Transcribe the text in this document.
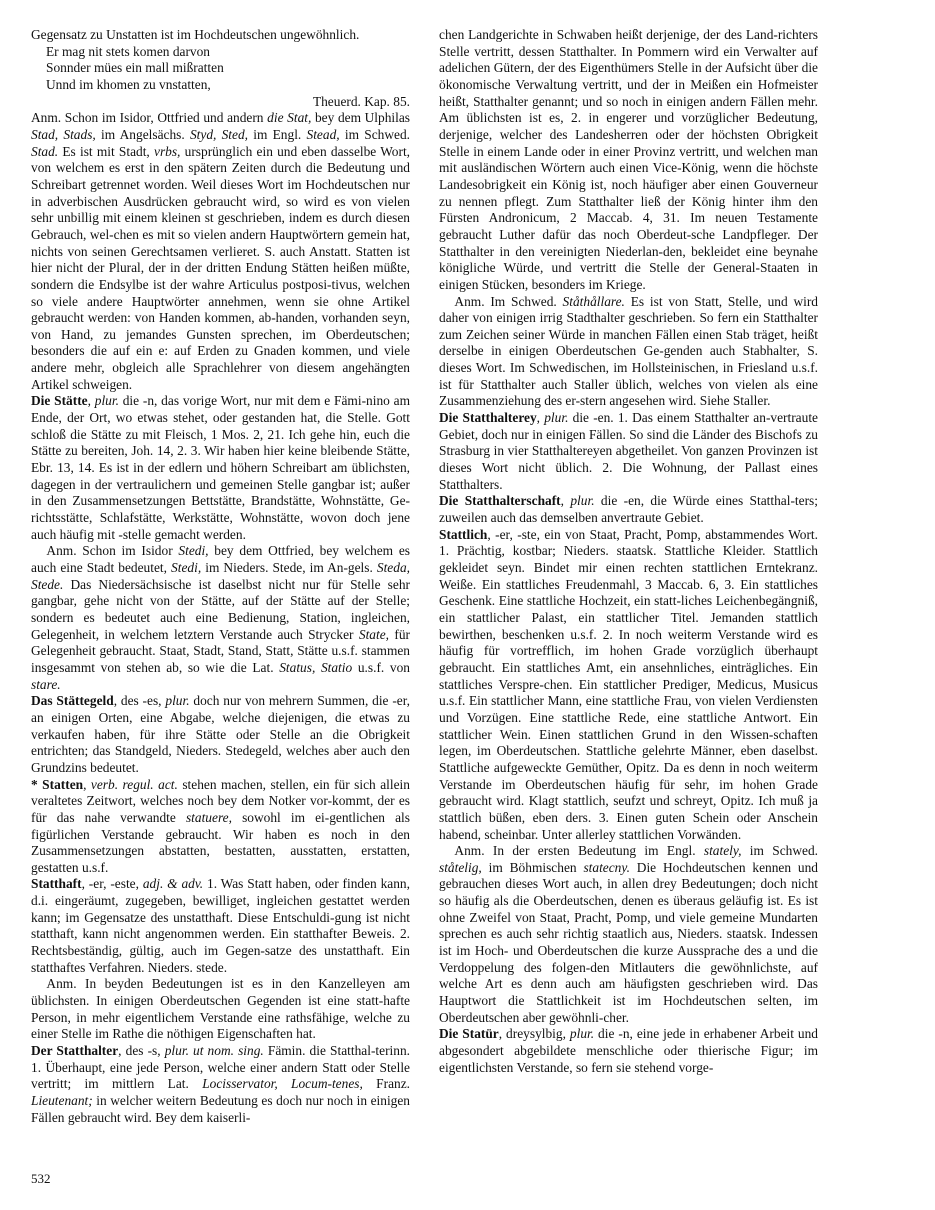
Gegensatz zu Unstatten ist im Hochdeutschen ungewöhnlich.

Er mag nit stets komen darvon

Sonnder mües ein mall mißratten

Unnd im khomen zu vnstatten,

Theuerd. Kap. 85.

Anm. Schon im Isidor, Ottfried und andern die Stat, bey dem Ulphilas Stad, Stads, im Angelsächs. Styd, Sted, im Engl. Stead, im Schwed. Stad. Es ist mit Stadt, vrbs, ursprünglich ein und eben dasselbe Wort, von welchem es erst in den spätern Zeiten durch die Bedeutung und Schreibart getrennet worden. Weil dieses Wort im Hochdeutschen nur in adverbischen Ausdrücken gebraucht wird, so wird es von vielen sehr unbillig mit einem kleinen st geschrieben, indem es durch diesen Gebrauch, wel-chen es mit so vielen andern Hauptwörtern gemein hat, nichts von seinen Gerechtsamen verlieret. S. auch Anstatt. Statten ist hier nicht der Plural, der in der dritten Endung Stätten heißen müßte, sondern die Endsylbe ist der wahre Articulus postposi-tivus, welchen so viele andere Hauptwörter annehmen, wenn sie ohne Artikel gebraucht werden: von Handen kommen, ab-handen, vorhanden seyn, von Hand, zu jemandes Gunsten sprechen, im Oberdeutschen; besonders die auf ein e: auf Erden zu Gnaden kommen, und viele andere mehr, obgleich alle Sprachlehrer von diesem angehängten Artikel schweigen.

Die Stätte, plur. die -n, das vorige Wort, nur mit dem e Fämi-nino am Ende, der Ort, wo etwas stehet, oder gestanden hat, die Stelle. Gott schloß die Stätte zu mit Fleisch, 1 Mos. 2, 21. Ich gehe hin, euch die Stätte zu bereiten, Joh. 14, 2. 3. Wir haben hier keine bleibende Stätte, Ebr. 13, 14. Es ist in der edlern und höhern Schreibart am üblichsten, dagegen in der vertraulichern und gemeinen Stelle gangbar ist; außer in den Zusammensetzungen Bettstätte, Brandstätte, Wohnstätte, Ge-richtsstätte, Schlafstätte, Werkstätte, Wohnstätte, wovon doch jene auch häufig mit -stelle gemacht werden.

Anm. Schon im Isidor Stedi, bey dem Ottfried, bey welchem es auch eine Stadt bedeutet, Stedi, im Nieders. Stede, im An-gels. Steda, Stede. Das Niedersächsische ist daselbst nicht nur für Stelle sehr gangbar, gehe nicht von der Stätte, auf der Stätte auf der Stelle; sondern es bedeutet auch eine Bedienung, Station, ingleichen, Gelegenheit, in welchem letztern Verstande auch Strycker State, für Gelegenheit gebraucht. Staat, Stadt, Stand, Statt, Stätte u.s.f. stammen insgesammt von stehen ab, so wie die Lat. Status, Statio u.s.f. von stare.

Das Stättegeld, des -es, plur. doch nur von mehrern Summen, die -er, an einigen Orten, eine Abgabe, welche diejenigen, die etwas zu verkaufen haben, für ihre Stätte oder Stelle an die Obrigkeit entrichten; das Standgeld, Nieders. Stedegeld, welches aber auch den Grundzins bedeutet.

* Statten, verb. regul. act. stehen machen, stellen, ein für sich allein veraltetes Zeitwort, welches noch bey dem Notker vor-kommt, der es für das nahe verwandte statuere, sowohl im ei-gentlichen als figürlichen Verstande gebraucht. Wir haben es noch in den Zusammensetzungen abstatten, bestatten, ausstatten, erstatten, gestatten u.s.f.

Statthaft, -er, -este, adj. & adv. 1. Was Statt haben, oder finden kann, d.i. eingeräumt, zugegeben, bewilliget, ingleichen gestattet werden kann; im Gegensatze des unstatthaft. Diese Entschuldi-gung ist nicht statthaft, kann nicht angenommen werden. Ein statthafter Beweis. 2. Rechtsbeständig, gültig, auch im Gegen-satze des unstatthaft. Ein statthaftes Verfahren. Nieders. stede.

Anm. In beyden Bedeutungen ist es in den Kanzelleyen am üblichsten. In einigen Oberdeutschen Gegenden ist eine statt-hafte Person, in mehr eigentlichem Verstande eine rathsfähige, welche zu einer Stelle im Rathe die nöthigen Eigenschaften hat.

Der Statthalter, des -s, plur. ut nom. sing. Fämin. die Statthal-terinn. 1. Überhaupt, eine jede Person, welche einer andern Statt oder Stelle vertritt; im mittlern Lat. Locisservator, Locum-tenes, Franz. Lieutenant; in welcher weitern Bedeutung es doch nur noch in einigen Fällen gebraucht wird. Bey dem kaiserli-

chen Landgerichte in Schwaben heißt derjenige, der des Land-richters Stelle vertritt, dessen Statthalter. In Pommern wird ein Verwalter auf adelichen Gütern, der des Eigenthümers Stelle in der Aufsicht über die ökonomische Verwaltung vertritt, und der in Meißen ein Hofmeister heißt, Statthalter genannt; und so noch in einigen andern Fällen mehr. Am üblichsten ist es, 2. in engerer und vorzüglicher Bedeutung, derjenige, welcher des Landesherren oder der höchsten Obrigkeit Stelle in einem Lande oder in einer Provinz vertritt, und welchen man mit ausländischen Wörtern auch einen Vice-König, wenn die höchste Landesobrigkeit ein König ist, noch häufiger aber einen Gouverneur zu nennen pflegt. Zum Statthalter ließ der König hinter ihm den Fürsten Andronicum, 2 Maccab. 4, 31. Im neuen Testamente gebraucht Luther dafür das noch Oberdeut-sche Landpfleger. Der Statthalter in den vereinigten Niederlan-den, bekleidet eine beynahe königliche Würde, und vertritt die Stelle der General-Staaten in einigen Stücken, besonders im Kriege.

Anm. Im Schwed. Ståthållare. Es ist von Statt, Stelle, und wird daher von einigen irrig Stadthalter geschrieben. So fern ein Statthalter zum Zeichen seiner Würde in manchen Fällen einen Stab träget, heißt derselbe in einigen Oberdeutschen Ge-genden auch Stabhalter, S. dieses Wort. Im Schwedischen, im Hollsteinischen, in Friesland u.s.f. ist für Statthalter auch Staller üblich, welches von vielen als eine Zusammenziehung des er-stern angesehen wird. Siehe Staller.

Die Statthalterey, plur. die -en. 1. Das einem Statthalter an-vertraute Gebiet, doch nur in einigen Fällen. So sind die Länder des Bischofs zu Strasburg in vier Statthaltereyen abgetheilet. Von ganzen Provinzen ist dieses Wort nicht üblich. 2. Die Wohnung, der Pallast eines Statthalters.

Die Statthalterschaft, plur. die -en, die Würde eines Statthal-ters; zuweilen auch das demselben anvertraute Gebiet.

Stattlich, -er, -ste, ein von Staat, Pracht, Pomp, abstammendes Wort. 1. Prächtig, kostbar; Nieders. staatsk. Stattliche Kleider. Stattlich gekleidet seyn. Bindet mir einen rechten stattlichen Erntekranz. Weiße. Ein stattliches Freudenmahl, 3 Maccab. 6, 3. Ein stattliches Geschenk. Eine stattliche Hochzeit, ein statt-liches Leichenbegängniß, ein stattlicher Palast, ein stattlicher Titel. Jemanden stattlich bewirthen, beschenken u.s.f. 2. In noch weiterm Verstande wird es häufig für vortrefflich, im hohen Grade vorzüglich überhaupt gebraucht. Ein stattliches Amt, ein ansehnliches, einträgliches. Ein stattliches Verspre-chen. Ein stattlicher Prediger, Medicus, Musicus u.s.f. Ein stattlicher Mann, eine stattliche Frau, von vielen Verdiensten und Vorzügen. Eine stattliche Rede, eine stattliche Antwort. Ein stattlicher Wein. Einen stattlichen Grund in den Wissen-schaften legen, im Oberdeutschen. Stattliche gelehrte Männer, eben daselbst. Stattliche aufgeweckte Gemüther, Opitz. Da es denn in noch weiterm Verstande im Oberdeutschen häufig für sehr, im hohen Grade gebraucht wird. Klagt stattlich, seufzt und schreyt, Opitz. Ich muß ja stattlich büßen, eben ders. 3. Einen guten Schein oder Anschein habend, scheinbar. Unter allerley stattlichen Vorwänden.

Anm. In der ersten Bedeutung im Engl. stately, im Schwed. ståtelig, im Böhmischen statecny. Die Hochdeutschen kennen und gebrauchen dieses Wort auch, in allen drey Bedeutungen; doch nicht so häufig als die Oberdeutschen, denen es überaus geläufig ist. Es ist ohne Zweifel von Staat, Pracht, Pomp, und viele gemeine Mundarten sprechen es auch sehr richtig staatlich aus, Nieders. staatsk. Indessen ist im Hoch- und Oberdeutschen die kurze Aussprache des a und die Verdoppelung des folgen-den Mitlauters die gewöhnlichste, auf welche Art es denn auch am häufigsten geschrieben wird. Das Hauptwort die Stattlichkeit ist im Hochdeutschen selten, im Oberdeutschen aber gewöhnli-cher.

Die Statür, dreysylbig, plur. die -n, eine jede in erhabener Arbeit und abgesondert abgebildete menschliche oder thierische Figur; im eigentlichsten Verstande, so fern sie stehend vorge-

532
